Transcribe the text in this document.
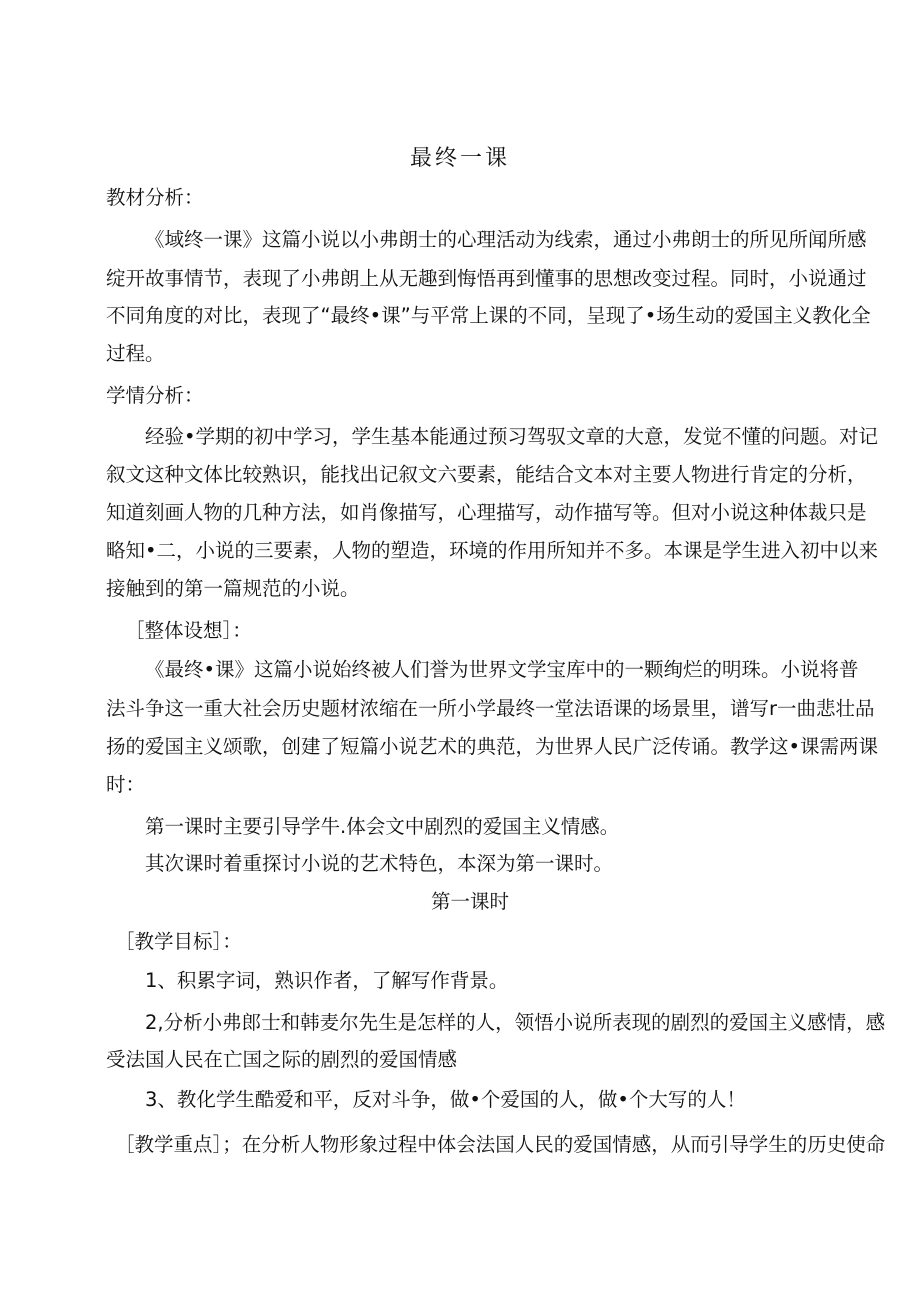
最终一课
教材分析：
《域终一课》这篇小说以小弗朗士的心理活动为线索，通过小弗朗士的所见所闻所感
绽开故事情节，表现了小弗朗上从无趣到悔悟再到懂事的思想改变过程。同时，小说通过
不同角度的对比，表现了“最终•课”与平常上课的不同，呈现了•场生动的爱国主义教化全
过程。
学情分析：
经验•学期的初中学习，学生基本能通过预习驾驭文章的大意，发觉不懂的问题。对记
叙文这种文体比较熟识，能找出记叙文六要素，能结合文本对主要人物进行肯定的分析，
知道刻画人物的几种方法，如肖像描写，心理描写，动作描写等。但对小说这种体裁只是
略知•二，小说的三要素，人物的塑造，环境的作用所知并不多。本课是学生进入初中以来
接触到的第一篇规范的小说。
［整体设想］：
《最终•课》这篇小说始终被人们誉为世界文学宝库中的一颗绚烂的明珠。小说将普
法斗争这一重大社会历史题材浓缩在一所小学最终一堂法语课的场景里，谱写r一曲悲壮品
扬的爱国主义颂歌，创建了短篇小说艺术的典范，为世界人民广泛传诵。教学这•课需两课
时：
第一课时主要引导学牛.体会文中剧烈的爱国主义情感。
其次课时着重探讨小说的艺术特色，本深为第一课时。
第一课时
［教学目标］：
1、积累字词，熟识作者，了解写作背景。
2,分析小弗郎士和韩麦尔先生是怎样的人，领悟小说所表现的剧烈的爱国主义感情，感
受法国人民在亡国之际的剧烈的爱国情感
3、教化学生酷爱和平，反对斗争，做•个爱国的人，做•个大写的人！
［教学重点］；在分析人物形象过程中体会法国人民的爱国情感，从而引导学生的历史使命
